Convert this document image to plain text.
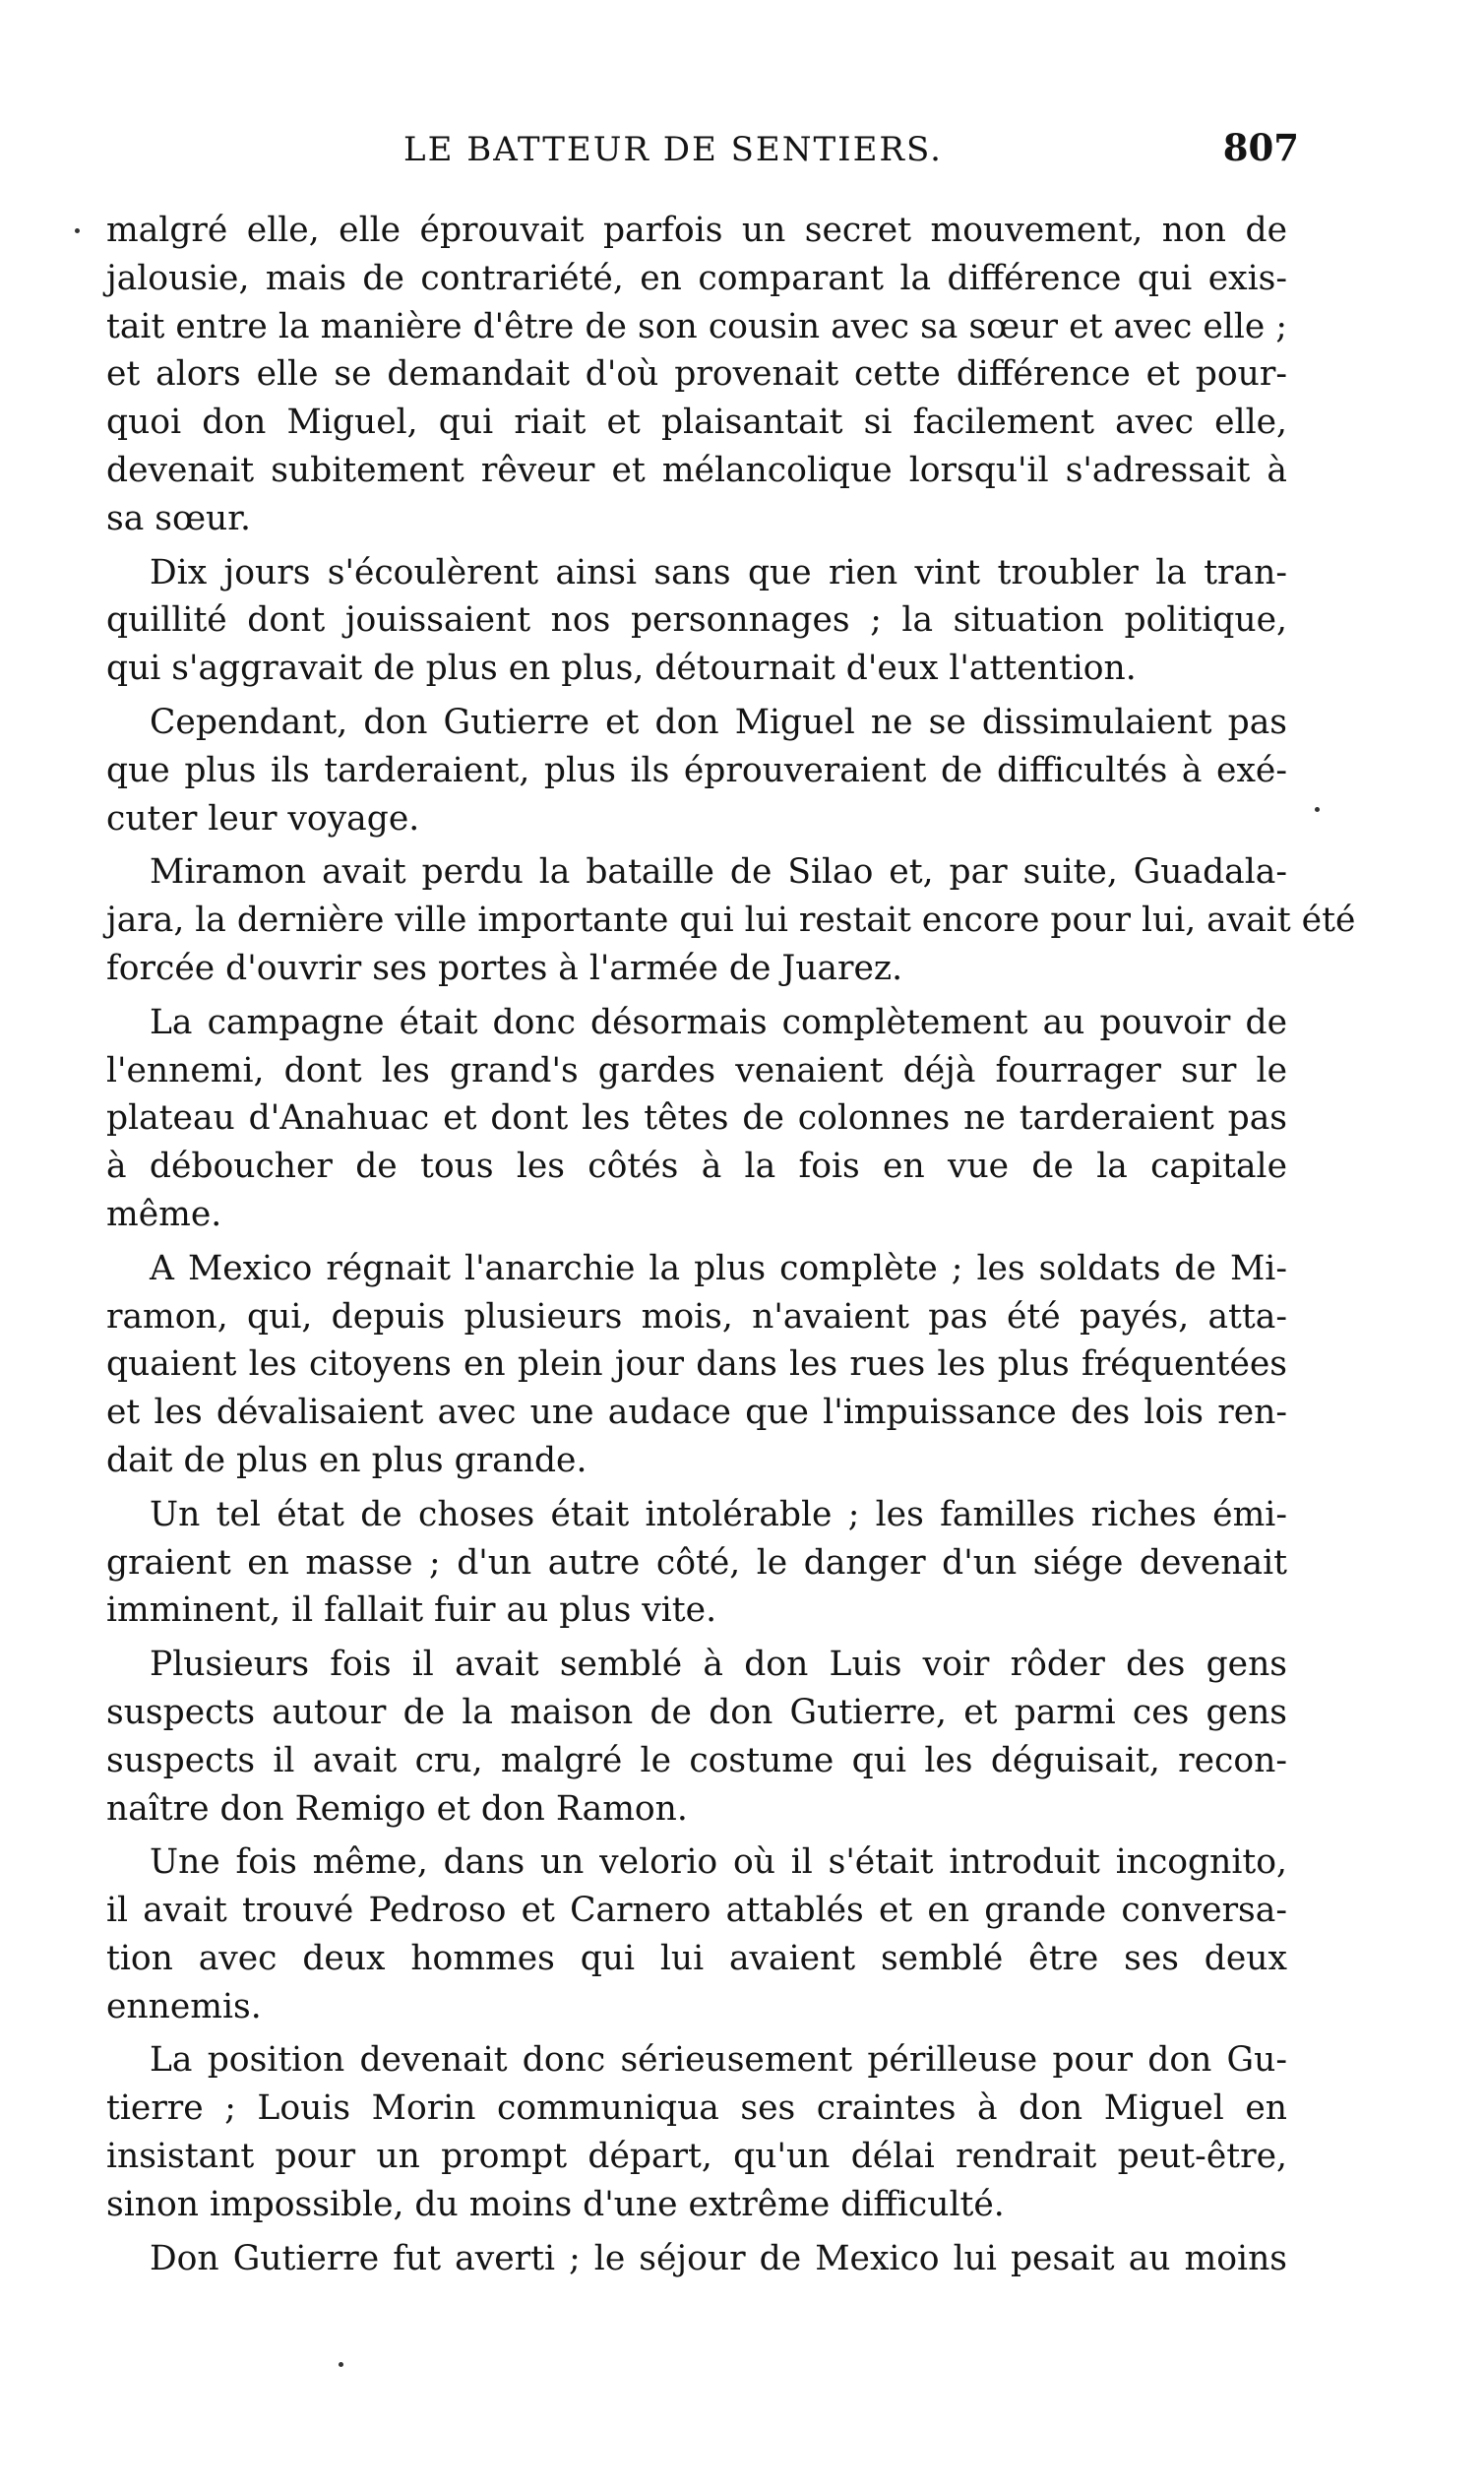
LE BATTEUR DE SENTIERS.	807

malgré elle, elle éprouvait parfois un secret mouvement, non de
jalousie, mais de contrariété, en comparant la différence qui exis-
tait entre la manière d'être de son cousin avec sa sœur et avec elle ;
et alors elle se demandait d'où provenait cette différence et pour-
quoi don Miguel, qui riait et plaisantait si facilement avec elle,
devenait subitement rêveur et mélancolique lorsqu'il s'adressait à
sa sœur.

Dix jours s'écoulèrent ainsi sans que rien vint troubler la tran-
quillité dont jouissaient nos personnages ; la situation politique,
qui s'aggravait de plus en plus, détournait d'eux l'attention.

Cependant, don Gutierre et don Miguel ne se dissimulaient pas
que plus ils tarderaient, plus ils éprouveraient de difficultés à exé-
cuter leur voyage.

Miramon avait perdu la bataille de Silao et, par suite, Guadala-
jara, la dernière ville importante qui lui restait encore pour lui, avait été
forcée d'ouvrir ses portes à l'armée de Juarez.

La campagne était donc désormais complètement au pouvoir de
l'ennemi, dont les grand's gardes venaient déjà fourrager sur le
plateau d'Anahuac et dont les têtes de colonnes ne tarderaient pas
à déboucher de tous les côtés à la fois en vue de la capitale
même.

A Mexico régnait l'anarchie la plus complète ; les soldats de Mi-
ramon, qui, depuis plusieurs mois, n'avaient pas été payés, atta-
quaient les citoyens en plein jour dans les rues les plus fréquentées
et les dévalisaient avec une audace que l'impuissance des lois ren-
dait de plus en plus grande.

Un tel état de choses était intolérable ; les familles riches émi-
graient en masse ; d'un autre côté, le danger d'un siége devenait
imminent, il fallait fuir au plus vite.

Plusieurs fois il avait semblé à don Luis voir rôder des gens
suspects autour de la maison de don Gutierre, et parmi ces gens
suspects il avait cru, malgré le costume qui les déguisait, recon-
naître don Remigo et don Ramon.

Une fois même, dans un velorio où il s'était introduit incognito,
il avait trouvé Pedroso et Carnero attablés et en grande conversa-
tion avec deux hommes qui lui avaient semblé être ses deux
ennemis.

La position devenait donc sérieusement périlleuse pour don Gu-
tierre ; Louis Morin communiqua ses craintes à don Miguel en
insistant pour un prompt départ, qu'un délai rendrait peut-être,
sinon impossible, du moins d'une extrême difficulté.

Don Gutierre fut averti ; le séjour de Mexico lui pesait au moins
